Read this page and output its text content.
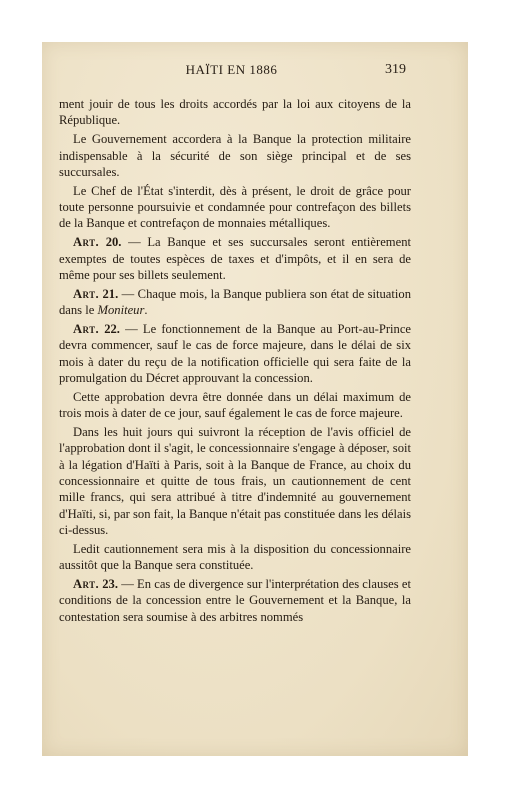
HAÏTI EN 1886	319

ment jouir de tous les droits accordés par la loi aux citoyens de la République.

Le Gouvernement accordera à la Banque la protection militaire indispensable à la sécurité de son siège principal et de ses succursales.

Le Chef de l'État s'interdit, dès à présent, le droit de grâce pour toute personne poursuivie et condamnée pour contrefaçon des billets de la Banque et contrefaçon de monnaies métalliques.

Art. 20. — La Banque et ses succursales seront entièrement exemptes de toutes espèces de taxes et d'impôts, et il en sera de même pour ses billets seulement.

Art. 21. — Chaque mois, la Banque publiera son état de situation dans le Moniteur.

Art. 22. — Le fonctionnement de la Banque au Port-au-Prince devra commencer, sauf le cas de force majeure, dans le délai de six mois à dater du reçu de la notification officielle qui sera faite de la promulgation du Décret approuvant la concession.

Cette approbation devra être donnée dans un délai maximum de trois mois à dater de ce jour, sauf également le cas de force majeure.

Dans les huit jours qui suivront la réception de l'avis officiel de l'approbation dont il s'agit, le concessionnaire s'engage à déposer, soit à la légation d'Haïti à Paris, soit à la Banque de France, au choix du concessionnaire et quitte de tous frais, un cautionnement de cent mille francs, qui sera attribué à titre d'indemnité au gouvernement d'Haïti, si, par son fait, la Banque n'était pas constituée dans les délais ci-dessus.

Ledit cautionnement sera mis à la disposition du concessionnaire aussitôt que la Banque sera constituée.

Art. 23. — En cas de divergence sur l'interprétation des clauses et conditions de la concession entre le Gouvernement et la Banque, la contestation sera soumise à des arbitres nommés
